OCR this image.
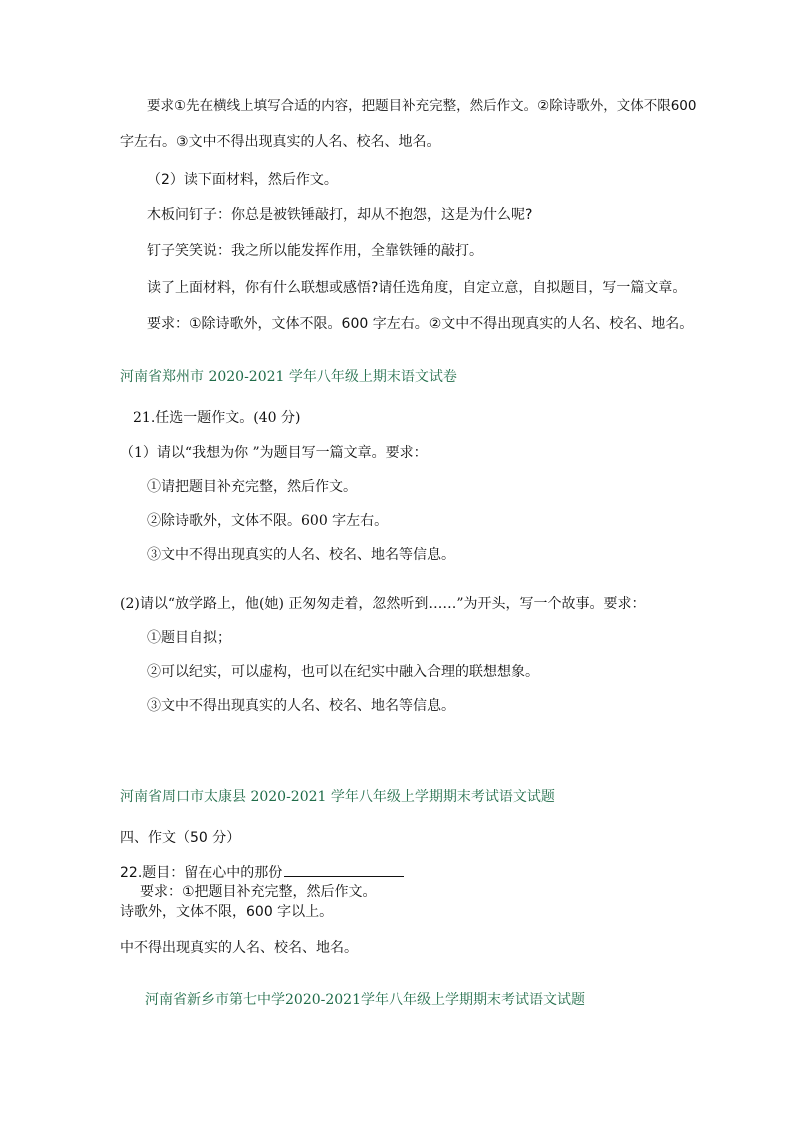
要求①先在横线上填写合适的内容，把题目补充完整，然后作文。②除诗歌外，文体不限600
字左右。③文中不得出现真实的人名、校名、地名。
（2）读下面材料，然后作文。
木板问钉子：你总是被铁锤敲打，却从不抱怨，这是为什么呢?
钉子笑笑说：我之所以能发挥作用，全靠铁锤的敲打。
读了上面材料，你有什么联想或感悟?请任选角度，自定立意，自拟题目，写一篇文章。
要求：①除诗歌外，文体不限。600 字左右。②文中不得出现真实的人名、校名、地名。
河南省郑州市 2020-2021 学年八年级上期末语文试卷
21.任选一题作文。(40 分)
（1）请以“我想为你 ”为题目写一篇文章。要求：
①请把题目补充完整，然后作文。
②除诗歌外，文体不限。600 字左右。
③文中不得出现真实的人名、校名、地名等信息。
(2)请以“放学路上，他(她) 正匆匆走着，忽然听到……”为开头，写一个故事。要求：
①题目自拟；
②可以纪实，可以虚构，也可以在纪实中融入合理的联想想象。
③文中不得出现真实的人名、校名、地名等信息。
河南省周口市太康县 2020-2021 学年八年级上学期期末考试语文试题
四、作文（50 分）
22.题目：留在心中的那份
要求：①把题目补充完整，然后作文。
诗歌外，文体不限，600 字以上。
中不得出现真实的人名、校名、地名。
河南省新乡市第七中学2020-2021学年八年级上学期期末考试语文试题
